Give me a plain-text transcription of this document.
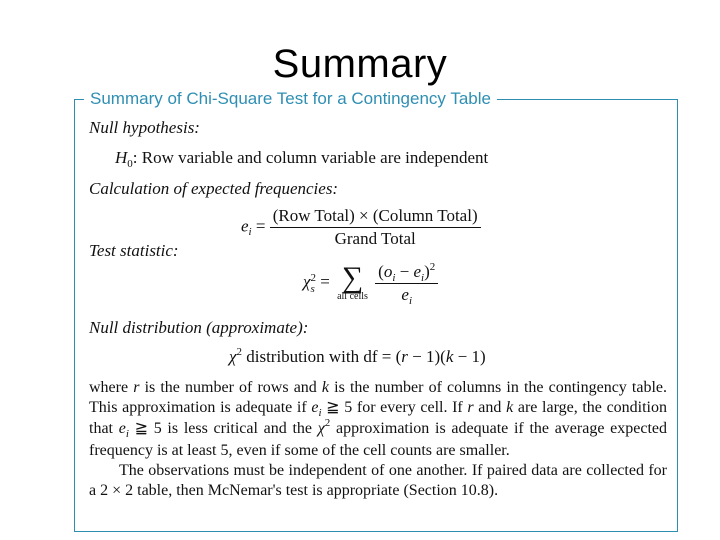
Summary
Summary of Chi-Square Test for a Contingency Table
Null hypothesis:
$H_0$: Row variable and column variable are independent
Calculation of expected frequencies:
$e_i = \frac{\text{(Row Total) × (Column Total)}}{\text{Grand Total}}$
Test statistic:
χ 2
s = ∑
all cells
$\frac{(o_i - e_i)^2}{e_i}$
Null distribution (approximate):
$\chi^2$ distribution with df = (r − 1)(k − 1)

where r is the number of rows and k is the number of columns in the contingency table. This approximation is adequate if $e_i$ ≧ 5 for every cell. If r and k are large, the condition that $e_i$ ≧ 5 is less critical and the $\chi^2$ approximation is adequate if the average expected frequency is at least 5, even if some of the cell counts are smaller.

The observations must be independent of one another. If paired data are collected for a 2 × 2 table, then McNemar's test is appropriate (Section 10.8).
